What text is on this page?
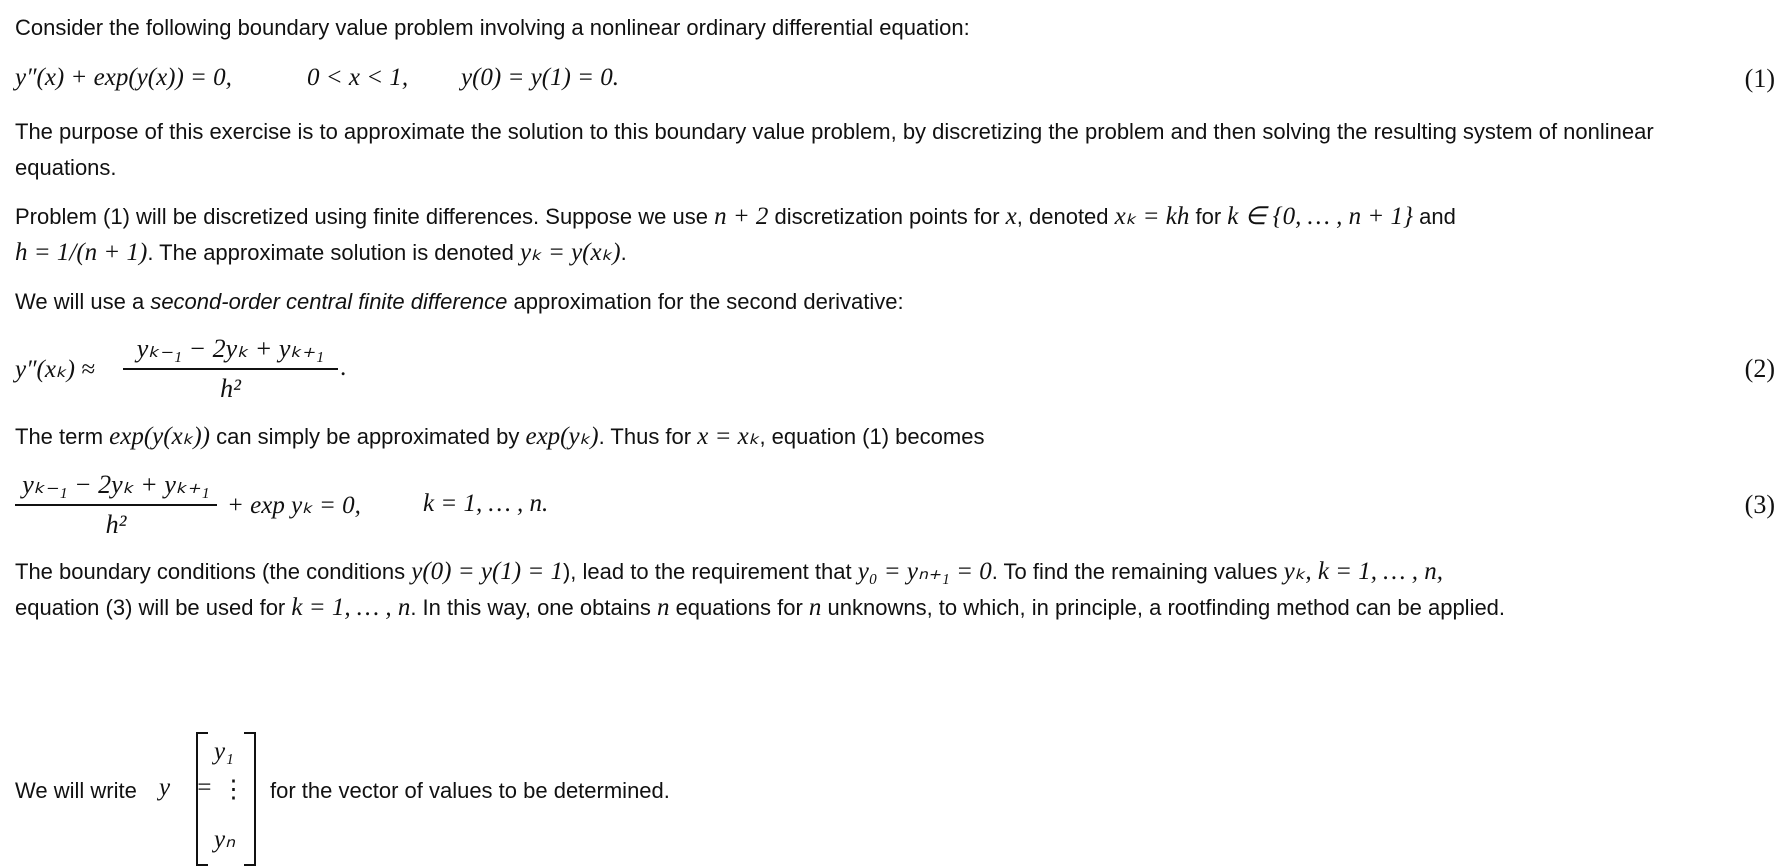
Consider the following boundary value problem involving a nonlinear ordinary differential equation:
y″(x) + exp(y(x)) = 0,	0 < x < 1, y(0) = y(1) = 0.	(1)
The purpose of this exercise is to approximate the solution to this boundary value problem, by discretizing the problem and then solving the resulting system of nonlinear equations.
Problem (1) will be discretized using finite differences. Suppose we use n + 2 discretization points for x, denoted xₖ = kh for k ∈ {0, … , n + 1} and
h = 1/(n + 1). The approximate solution is denoted yₖ = y(xₖ).
We will use a second-order central finite difference approximation for the second derivative:
y″(xₖ) ≈
yₖ₋₁ − 2yₖ + yₖ₊₁
h²
.	(2)
The term exp(y(xₖ)) can simply be approximated by exp(yₖ). Thus for x = xₖ, equation (1) becomes
yₖ₋₁ − 2yₖ + yₖ₊₁
h²
+ exp yₖ = 0, k = 1, … , n.	(3)
The boundary conditions (the conditions y(0) = y(1) = 1), lead to the requirement that y₀ = yₙ₊₁ = 0. To find the remaining values yₖ, k = 1, … , n,
equation (3) will be used for k = 1, … , n. In this way, one obtains n equations for n unknowns, to which, in principle, a rootfinding method can be applied.
We will write y⃗ =
y₁
⋮
yₙ
for the vector of values to be determined.
